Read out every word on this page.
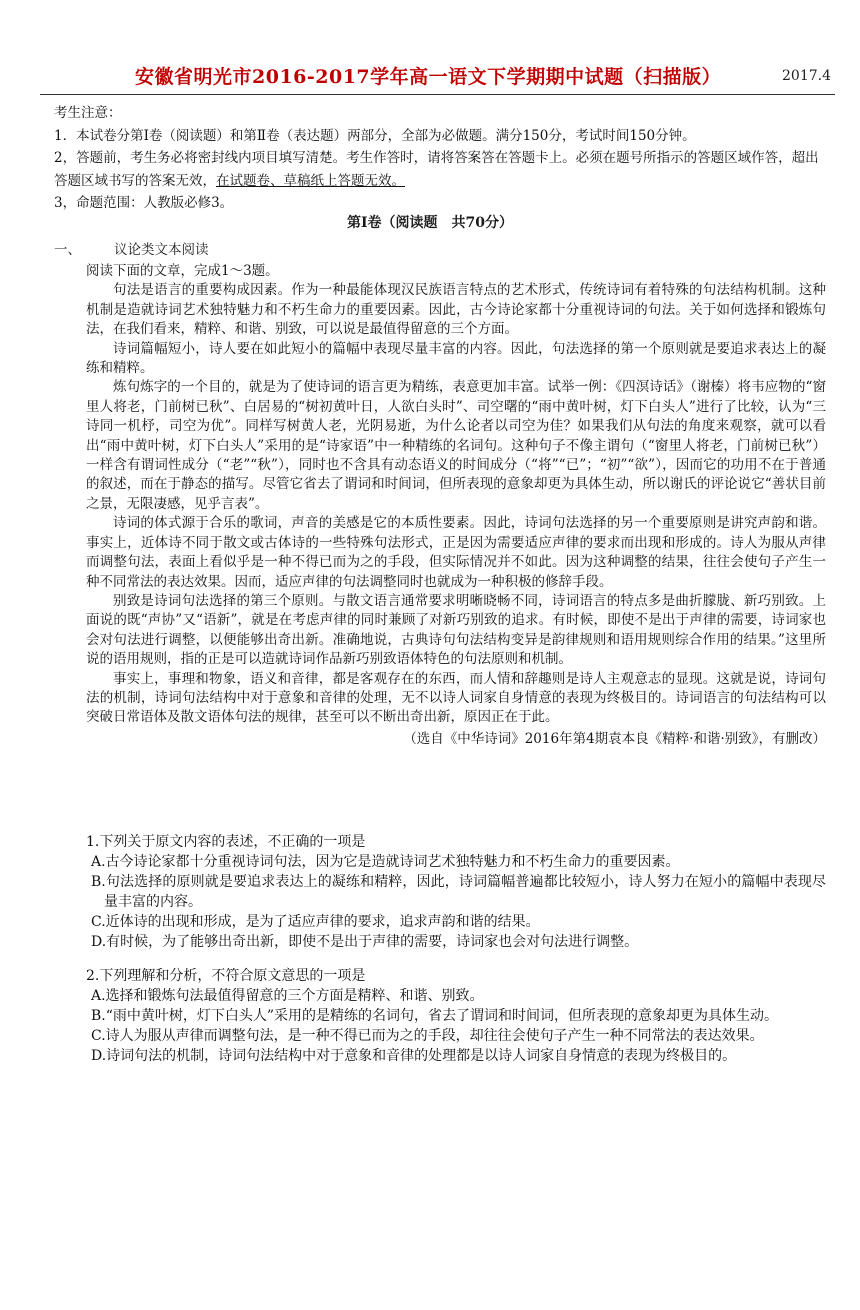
安徽省明光市2016-2017学年高一语文下学期期中试题（扫描版）	2017.4

考生注意：

1．本试卷分第Ⅰ卷（阅读题）和第Ⅱ卷（表达题）两部分，全部为必做题。满分150分，考试时间150分钟。

2，答题前，考生务必将密封线内项目填写清楚。考生作答时，请将答案答在答题卡上。必须在题号所指示的答题区域作答，超出答题区域书写的答案无效，在试题卷、草稿纸上答题无效。

3，命题范围：人教版必修3。

第Ⅰ卷（阅读题　共70分）
一、 议论类文本阅读

阅读下面的文章，完成1～3题。

句法是语言的重要构成因素。作为一种最能体现汉民族语言特点的艺术形式，传统诗词有着特殊的句法结构机制。这种机制是造就诗词艺术独特魅力和不朽生命力的重要因素。因此，古今诗论家都十分重视诗词的句法。关于如何选择和锻炼句法，在我们看来，精粹、和谐、别致，可以说是最值得留意的三个方面。

诗词篇幅短小，诗人要在如此短小的篇幅中表现尽量丰富的内容。因此，句法选择的第一个原则就是要追求表达上的凝练和精粹。

炼句炼字的一个目的，就是为了使诗词的语言更为精练，表意更加丰富。试举一例：《四溟诗话》（谢榛）将韦应物的“窗里人将老，门前树已秋”、白居易的“树初黄叶日，人欲白头时”、司空曙的“雨中黄叶树，灯下白头人”进行了比较，认为“三诗同一机杼，司空为优”。同样写树黄人老，光阴易逝，为什么论者以司空为佳？如果我们从句法的角度来观察，就可以看出“雨中黄叶树，灯下白头人”采用的是“诗家语”中一种精练的名词句。这种句子不像主谓句（“窗里人将老，门前树已秋”）一样含有谓词性成分（“老”“秋”），同时也不含具有动态语义的时间成分（“将”“已”；“初”“欲”），因而它的功用不在于普通的叙述，而在于静态的描写。尽管它省去了谓词和时间词，但所表现的意象却更为具体生动，所以谢氏的评论说它“善状目前之景，无限凄感，见乎言表”。

诗词的体式源于合乐的歌词，声音的美感是它的本质性要素。因此，诗词句法选择的另一个重要原则是讲究声韵和谐。事实上，近体诗不同于散文或古体诗的一些特殊句法形式，正是因为需要适应声律的要求而出现和形成的。诗人为服从声律而调整句法，表面上看似乎是一种不得已而为之的手段，但实际情况并不如此。因为这种调整的结果，往往会使句子产生一种不同常法的表达效果。因而，适应声律的句法调整同时也就成为一种积极的修辞手段。

别致是诗词句法选择的第三个原则。与散文语言通常要求明晰晓畅不同，诗词语言的特点多是曲折朦胧、新巧别致。上面说的既“声协”又“语新”，就是在考虑声律的同时兼顾了对新巧别致的追求。有时候，即使不是出于声律的需要，诗词家也会对句法进行调整，以便能够出奇出新。准确地说，古典诗句句法结构变异是韵律规则和语用规则综合作用的结果。”这里所说的语用规则，指的正是可以造就诗词作品新巧别致语体特色的句法原则和机制。

事实上，事理和物象，语义和音律，都是客观存在的东西，而人情和辞趣则是诗人主观意志的显现。这就是说，诗词句法的机制，诗词句法结构中对于意象和音律的处理，无不以诗人词家自身情意的表现为终极目的。诗词语言的句法结构可以突破日常语体及散文语体句法的规律，甚至可以不断出奇出新，原因正在于此。

（选自《中华诗词》2016年第4期袁本良《精粹·和谐·别致》，有删改）

1.下列关于原文内容的表述，不正确的一项是

A.古今诗论家都十分重视诗词句法，因为它是造就诗词艺术独特魅力和不朽生命力的重要因素。

B.句法选择的原则就是要追求表达上的凝练和精粹，因此，诗词篇幅普遍都比较短小，诗人努力在短小的篇幅中表现尽量丰富的内容。

C.近体诗的出现和形成，是为了适应声律的要求，追求声韵和谐的结果。

D.有时候，为了能够出奇出新，即使不是出于声律的需要，诗词家也会对句法进行调整。

2.下列理解和分析，不符合原文意思的一项是

A.选择和锻炼句法最值得留意的三个方面是精粹、和谐、别致。

B.“雨中黄叶树，灯下白头人”采用的是精练的名词句，省去了谓词和时间词，但所表现的意象却更为具体生动。

C.诗人为服从声律而调整句法，是一种不得已而为之的手段，却往往会使句子产生一种不同常法的表达效果。

D.诗词句法的机制，诗词句法结构中对于意象和音律的处理都是以诗人词家自身情意的表现为终极目的。
